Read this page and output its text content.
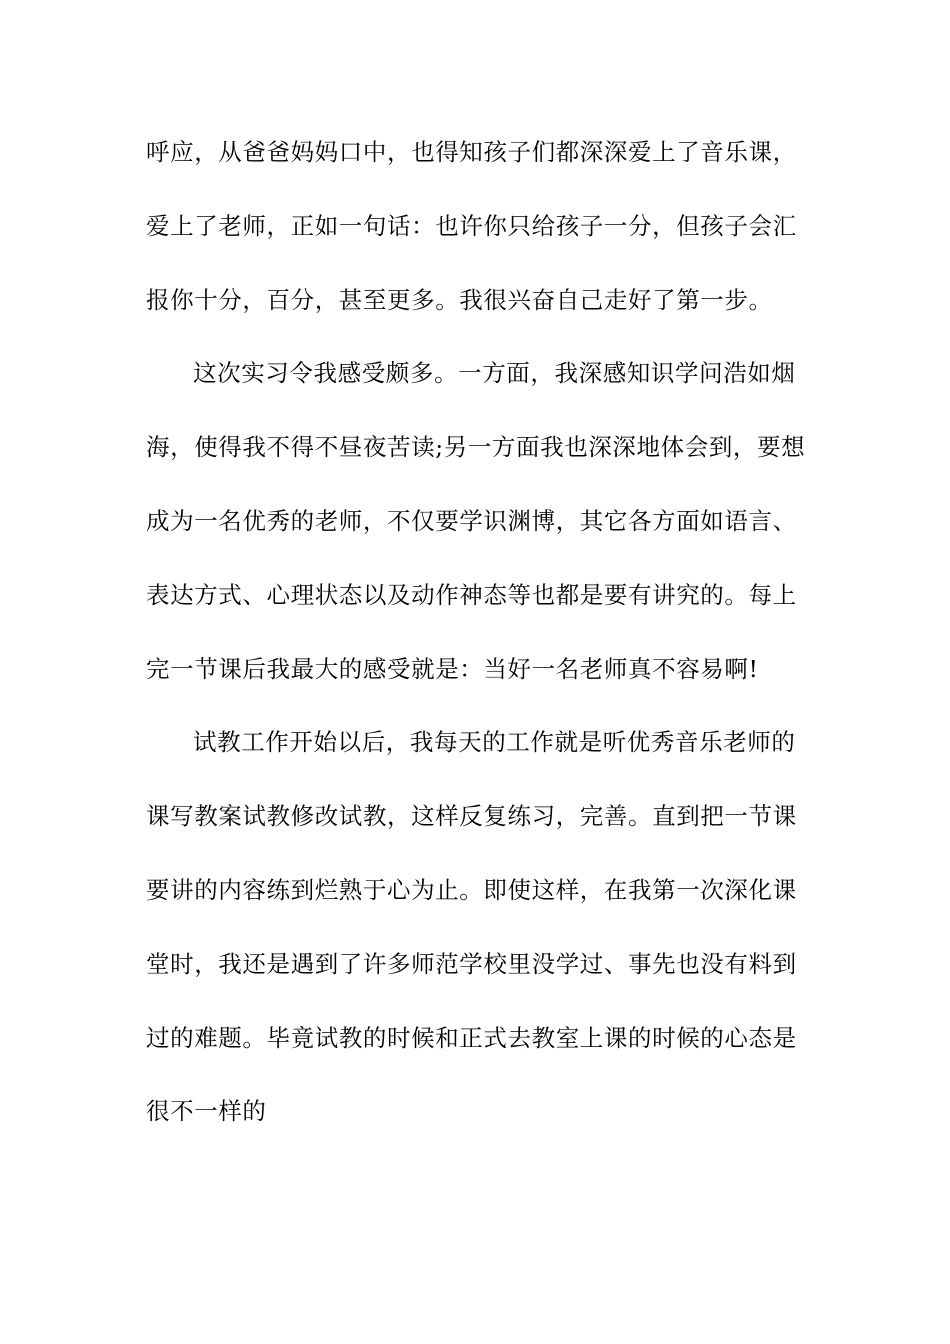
呼应，从爸爸妈妈口中，也得知孩子们都深深爱上了音乐课，
爱上了老师，正如一句话：也许你只给孩子一分，但孩子会汇
报你十分，百分，甚至更多。我很兴奋自己走好了第一步。
这次实习令我感受颇多。一方面，我深感知识学问浩如烟
海，使得我不得不昼夜苦读;另一方面我也深深地体会到，要想
成为一名优秀的老师，不仅要学识渊博，其它各方面如语言、
表达方式、心理状态以及动作神态等也都是要有讲究的。每上
完一节课后我最大的感受就是：当好一名老师真不容易啊!
试教工作开始以后，我每天的工作就是听优秀音乐老师的
课写教案试教修改试教，这样反复练习，完善。直到把一节课
要讲的内容练到烂熟于心为止。即使这样，在我第一次深化课
堂时，我还是遇到了许多师范学校里没学过、事先也没有料到
过的难题。毕竟试教的时候和正式去教室上课的时候的心态是
很不一样的
